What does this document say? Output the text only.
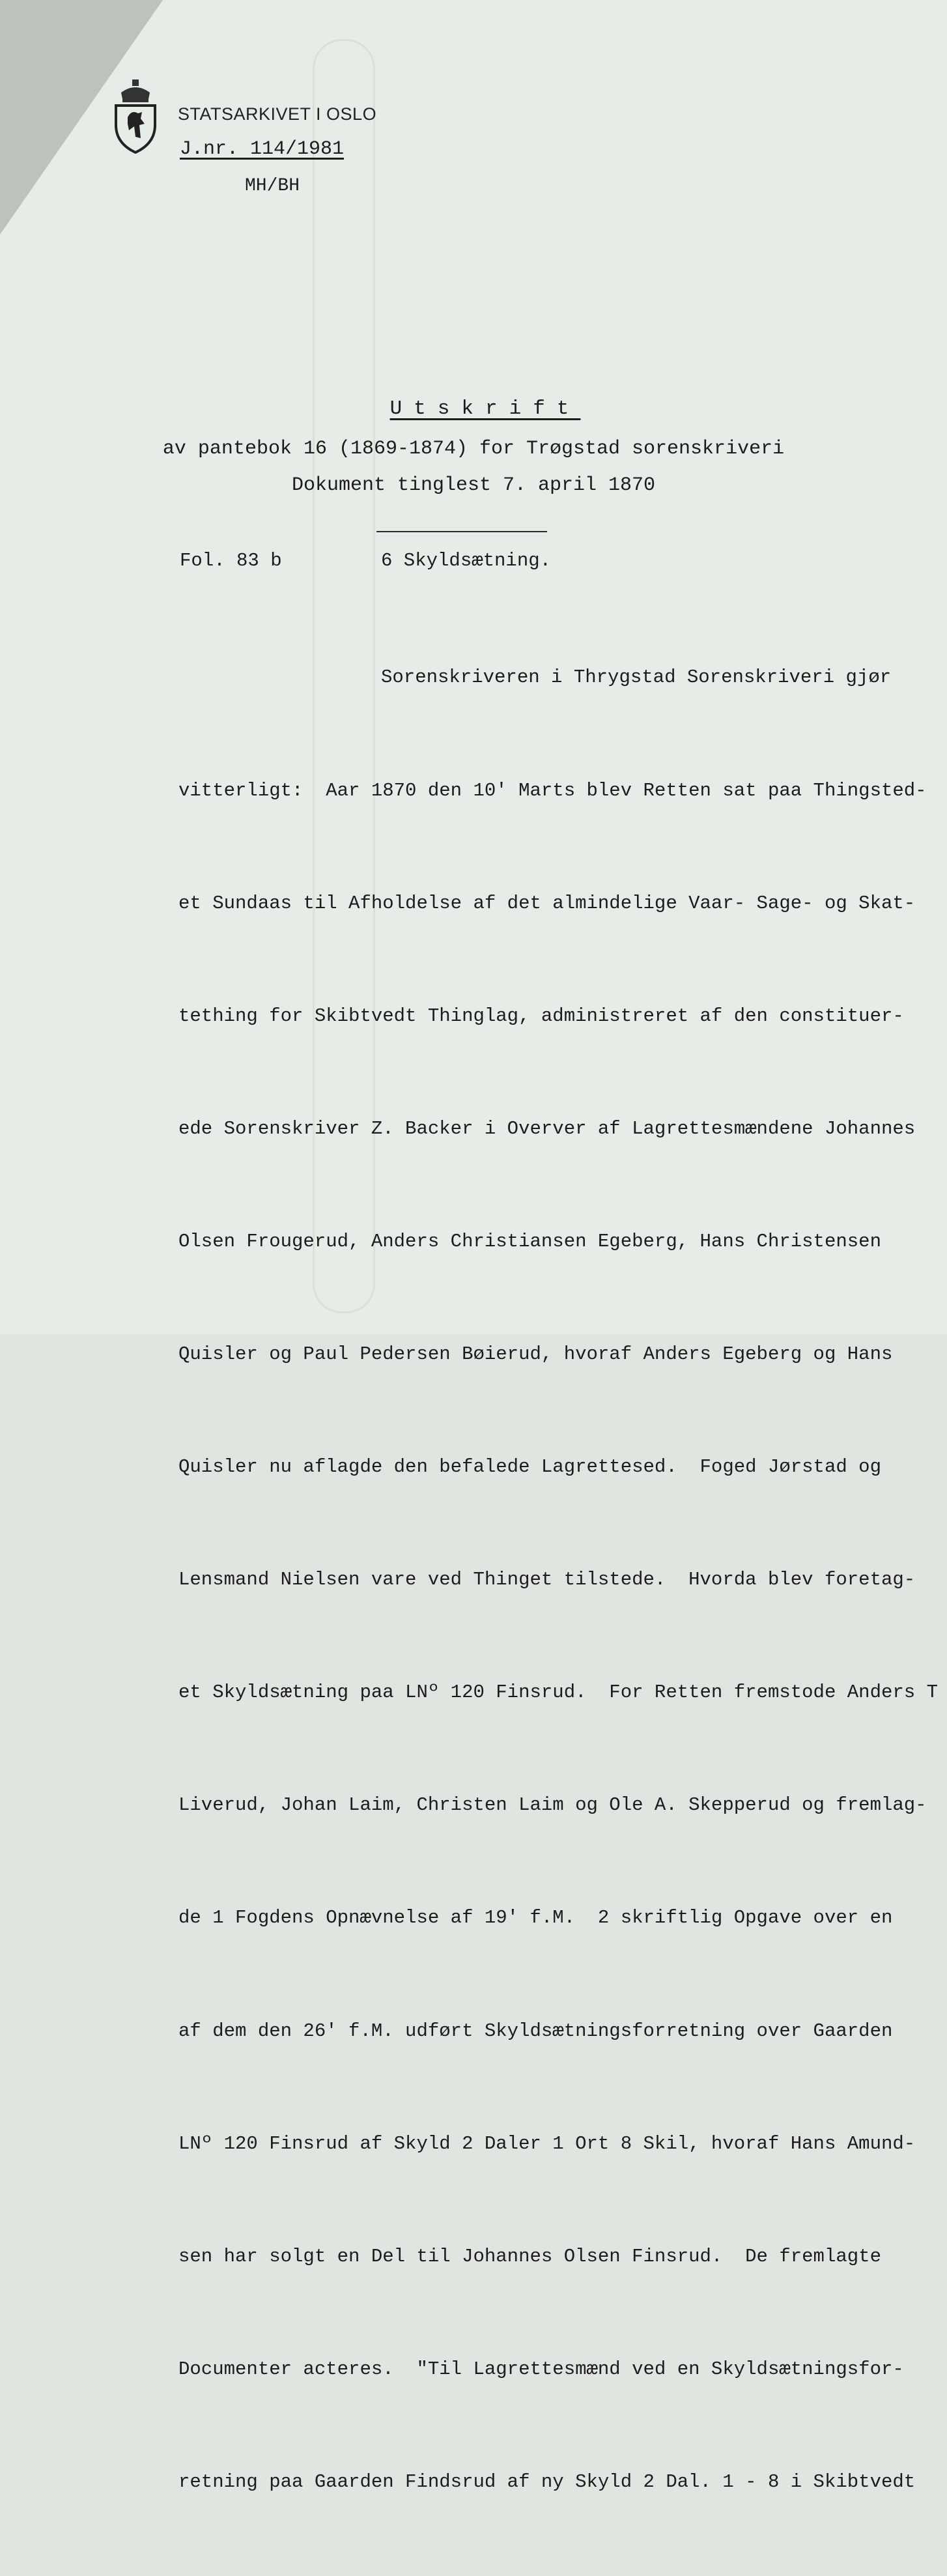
STATSARKIVET I OSLO
J.nr. 114/1981
MH/BH
Utskrift
av pantebok 16 (1869-1874) for Trøgstad sorenskriveri
Dokument tinglest 7. april 1870
Fol. 83 b	6 Skyldsætning.

Sorenskriveren i Thrygstad Sorenskriveri gjør

vitterligt:  Aar 1870 den 10' Marts blev Retten sat paa Thingsted-

et Sundaas til Afholdelse af det almindelige Vaar- Sage- og Skat-

tething for Skibtvedt Thinglag, administreret af den constituer-

ede Sorenskriver Z. Backer i Overver af Lagrettesmændene Johannes

Olsen Frougerud, Anders Christiansen Egeberg, Hans Christensen

Quisler og Paul Pedersen Bøierud, hvoraf Anders Egeberg og Hans

Quisler nu aflagde den befalede Lagrettesed.  Foged Jørstad og

Lensmand Nielsen vare ved Thinget tilstede.  Hvorda blev foretag-

et Skyldsætning paa LNº 120 Finsrud.  For Retten fremstode Anders T

Liverud, Johan Laim, Christen Laim og Ole A. Skepperud og fremlag-

de 1 Fogdens Opnævnelse af 19' f.M.  2 skriftlig Opgave over en

af dem den 26' f.M. udført Skyldsætningsforretning over Gaarden

LNº 120 Finsrud af Skyld 2 Daler 1 Ort 8 Skil, hvoraf Hans Amund-

sen har solgt en Del til Johannes Olsen Finsrud.  De fremlagte

Documenter acteres.  "Til Lagrettesmænd ved en Skyldsætningsfor-

retning paa Gaarden Findsrud af ny Skyld 2 Dal. 1 - 8 i Skibtvedt
